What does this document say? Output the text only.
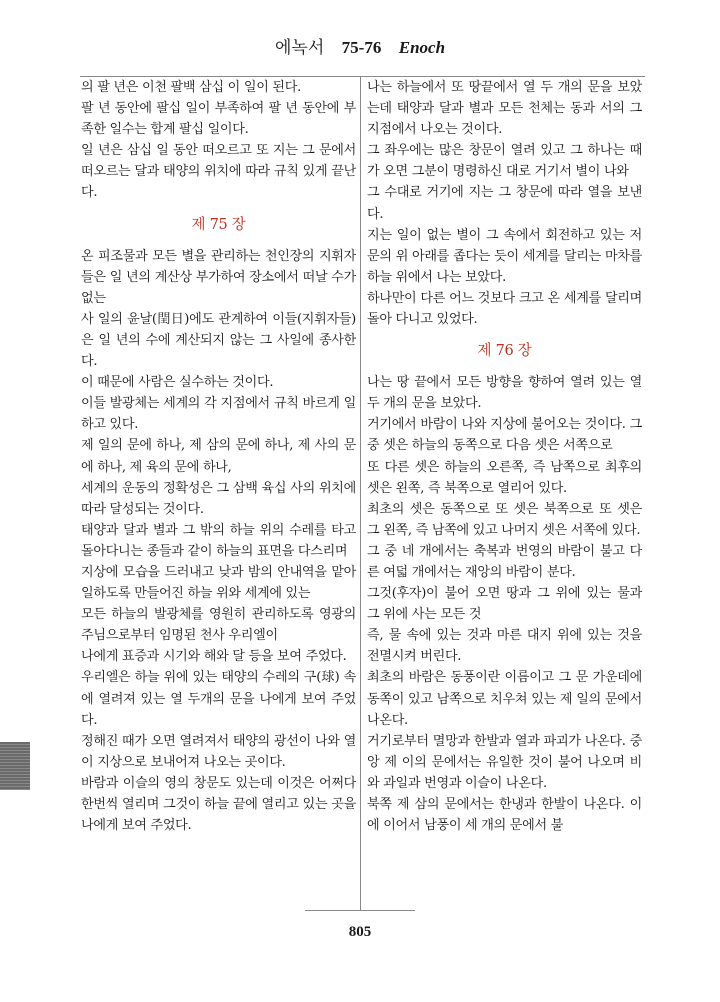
에녹서 75-76 Enoch

의 팔 년은 이천 팔백 삼십 이 일이 된다.

팔 년 동안에 팔십 일이 부족하여 팔 년 동안에 부족한 일수는 합계 팔십 일이다.

일 년은 삼십 일 동안 떠오르고 또 지는 그 문에서 떠오르는 달과 태양의 위치에 따라 규칙 있게 끝난다.

제 75 장

온 피조물과 모든 별을 관리하는 천인장의 지휘자들은 일 년의 계산상 부가하여 장소에서 떠날 수가 없는

사 일의 윤날(閏日)에도 관계하여 이들(지휘자들)은 일 년의 수에 계산되지 않는 그 사일에 종사한다.

이 때문에 사람은 실수하는 것이다.

이들 발광체는 세계의 각 지점에서 규칙 바르게 일하고 있다.

제 일의 문에 하나, 제 삼의 문에 하나, 제 사의 문에 하나, 제 육의 문에 하나,

세계의 운동의 정확성은 그 삼백 육십 사의 위치에 따라 달성되는 것이다.

태양과 달과 별과 그 밖의 하늘 위의 수레를 타고 돌아다니는 종들과 같이 하늘의 표면을 다스리며

지상에 모습을 드러내고 낮과 밤의 안내역을 맡아 일하도록 만들어진 하늘 위와 세계에 있는

모든 하늘의 발광체를 영원히 관리하도록 영광의 주님으로부터 임명된 천사 우리엘이

나에게 표증과 시기와 해와 달 등을 보여 주었다.

우리엘은 하늘 위에 있는 태양의 수레의 구(球) 속에 열려져 있는 열 두개의 문을 나에게 보여 주었다.

정해진 때가 오면 열려져서 태양의 광선이 나와 열이 지상으로 보내어져 나오는 곳이다.

바람과 이슬의 영의 창문도 있는데 이것은 어쩌다 한번씩 열리며 그것이 하늘 끝에 열리고 있는 곳을 나에게 보여 주었다.

나는 하늘에서 또 땅끝에서 열 두 개의 문을 보았는데 태양과 달과 별과 모든 천체는 동과 서의 그 지점에서 나오는 것이다.

그 좌우에는 많은 창문이 열려 있고 그 하나는 때가 오면 그분이 명령하신 대로 거기서 별이 나와

그 수대로 거기에 지는 그 창문에 따라 열을 보낸다.

지는 일이 없는 별이 그 속에서 회전하고 있는 저 문의 위 아래를 좁다는 듯이 세계를 달리는 마차를 하늘 위에서 나는 보았다.

하나만이 다른 어느 것보다 크고 온 세계를 달리며 돌아 다니고 있었다.

제 76 장

나는 땅 끝에서 모든 방향을 향하여 열려 있는 열 두 개의 문을 보았다.

거기에서 바람이 나와 지상에 불어오는 것이다. 그 중 셋은 하늘의 동쪽으로 다음 셋은 서쪽으로

또 다른 셋은 하늘의 오른쪽, 즉 남쪽으로 최후의 셋은 왼쪽, 즉 북쪽으로 열리어 있다.

최초의 셋은 동쪽으로 또 셋은 북쪽으로 또 셋은 그 왼쪽, 즉 남쪽에 있고 나머지 셋은 서쪽에 있다.

그 중 네 개에서는 축복과 번영의 바람이 불고 다른 여덟 개에서는 재앙의 바람이 분다.

그것(후자)이 불어 오면 땅과 그 위에 있는 물과 그 위에 사는 모든 것

즉, 물 속에 있는 것과 마른 대지 위에 있는 것을 전멸시켜 버린다.

최초의 바람은 동풍이란 이름이고 그 문 가운데에 동쪽이 있고 남쪽으로 치우쳐 있는 제 일의 문에서 나온다.

거기로부터 멸망과 한발과 열과 파괴가 나온다. 중앙 제 이의 문에서는 유일한 것이 불어 나오며 비와 과일과 번영과 이슬이 나온다.

북쪽 제 삼의 문에서는 한냉과 한발이 나온다. 이에 이어서 남풍이 세 개의 문에서 불

805
